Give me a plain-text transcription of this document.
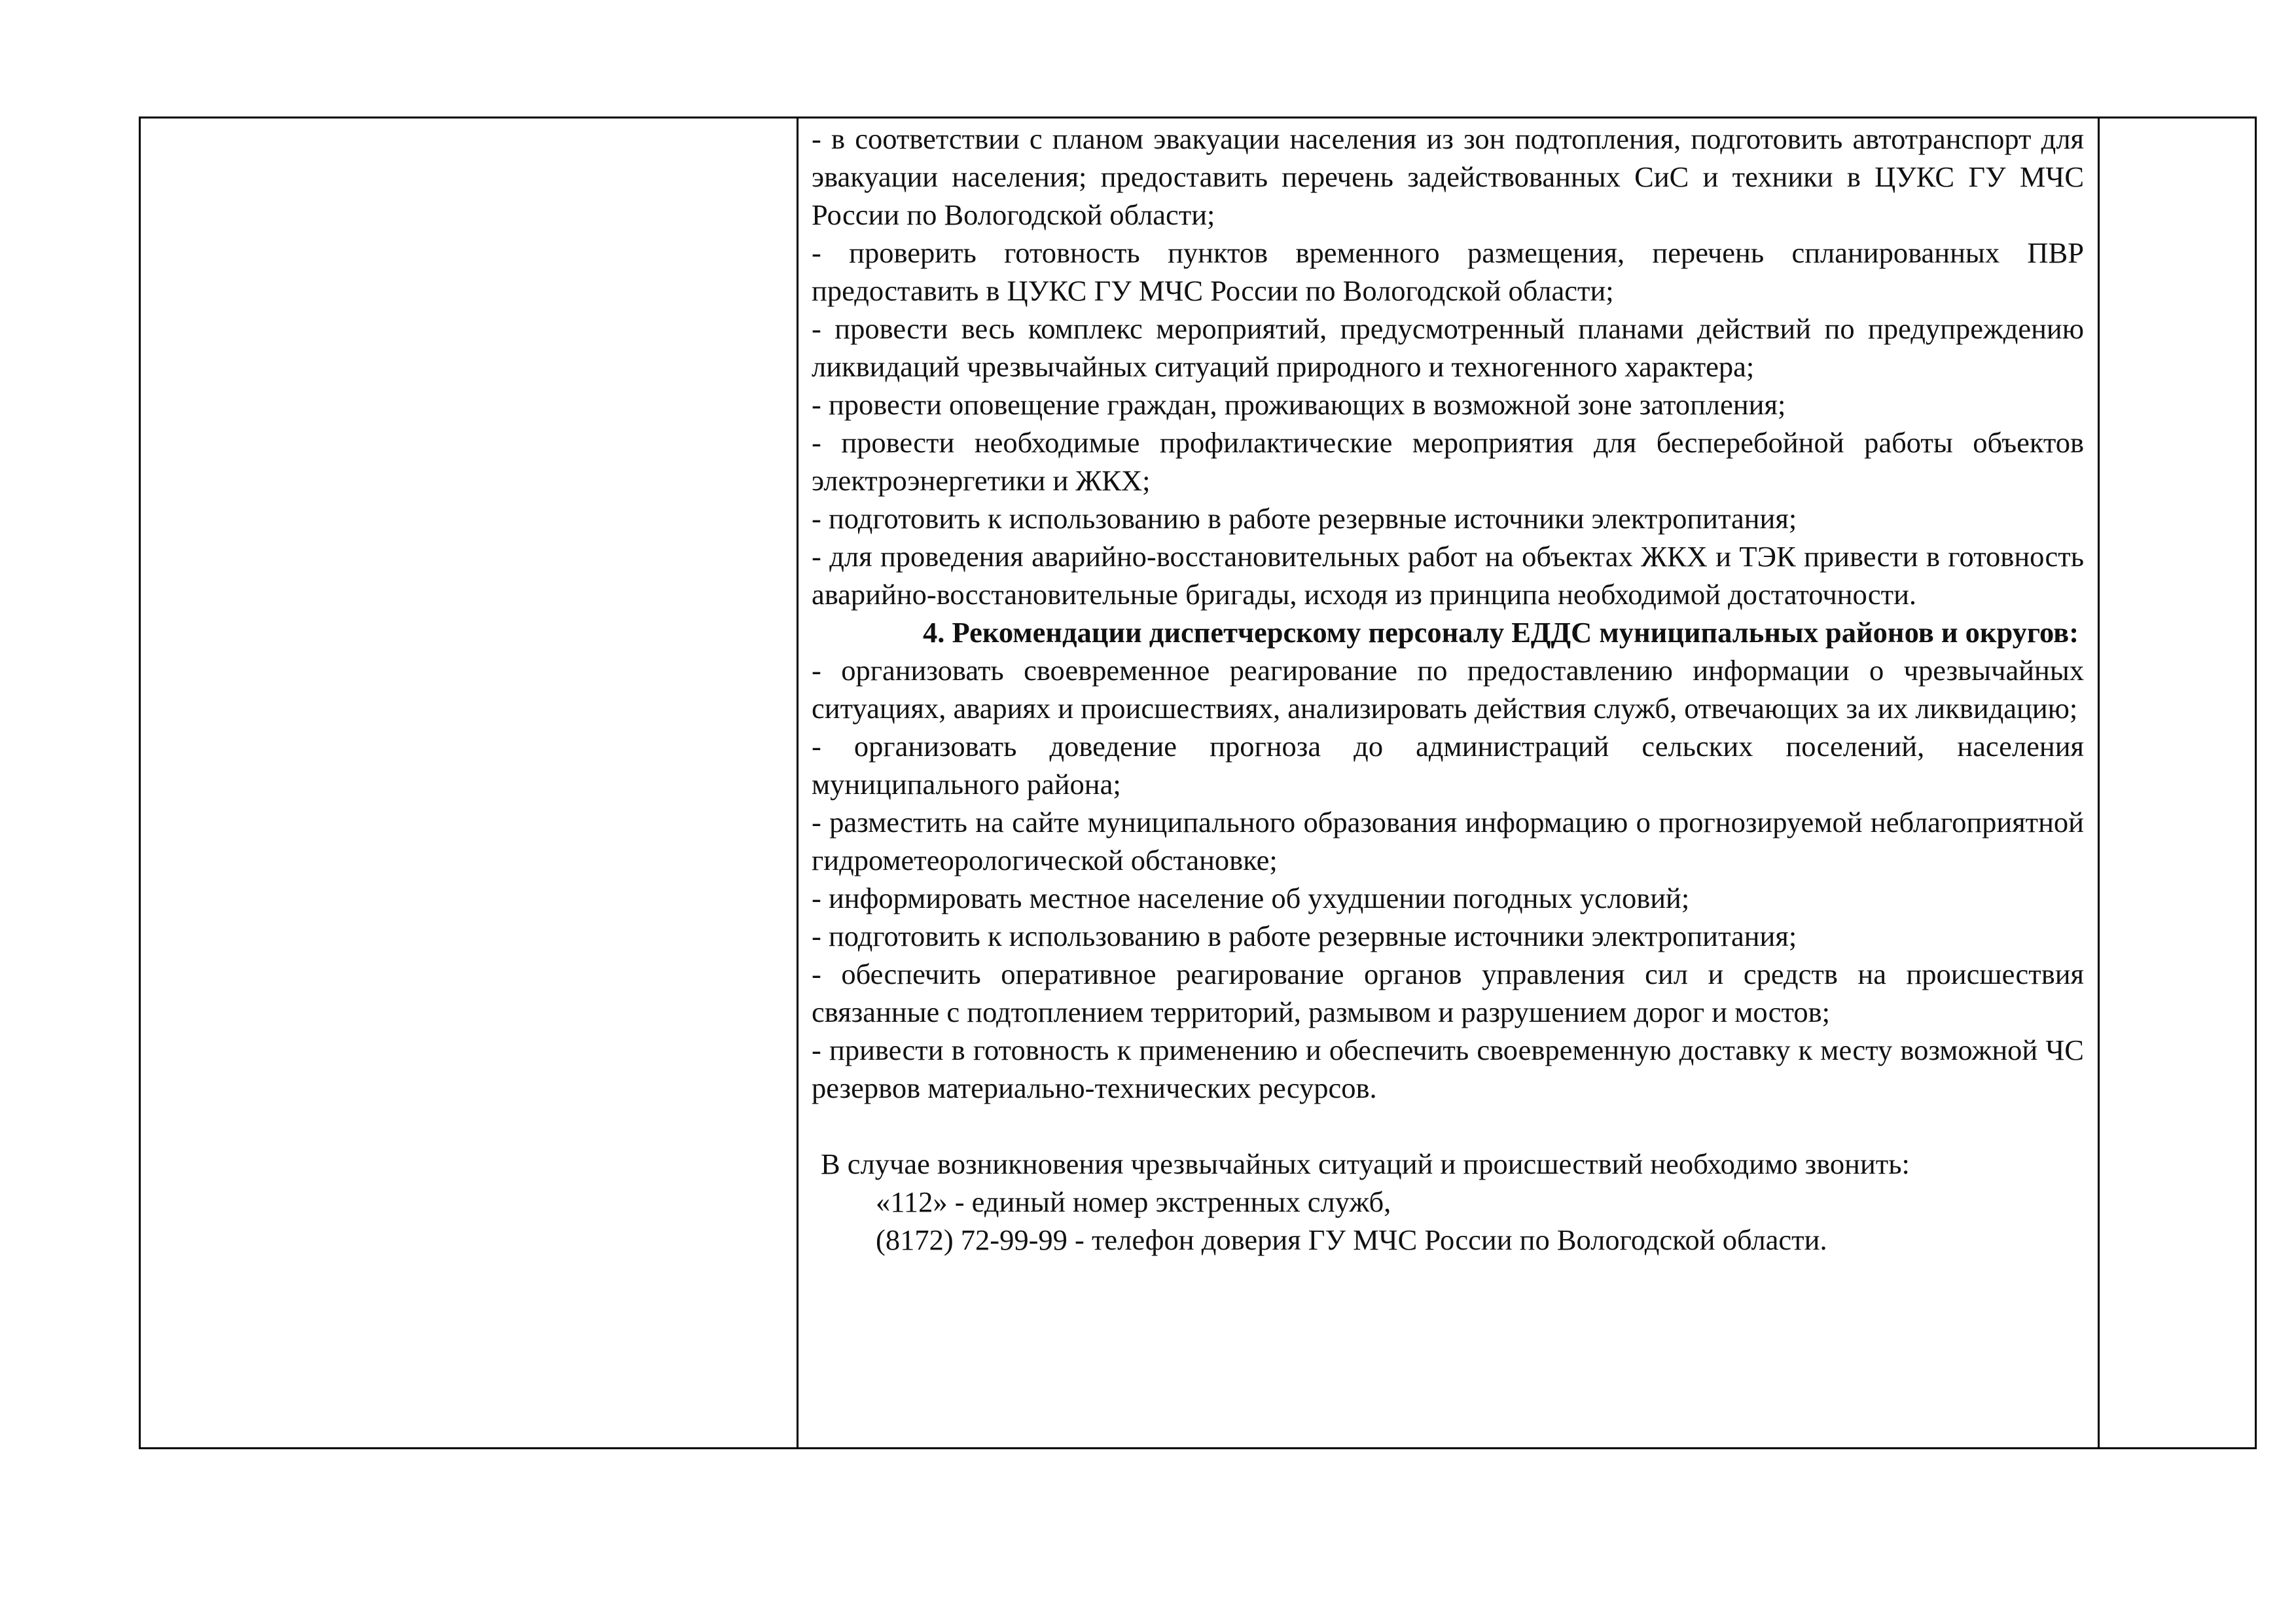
- в соответствии с планом эвакуации населения из зон подтопления, подготовить автотранспорт для эвакуации населения; предоставить перечень задействованных СиС и техники в ЦУКС ГУ МЧС России по Вологодской области;

- проверить готовность пунктов временного размещения, перечень спланированных ПВР предоставить в ЦУКС ГУ МЧС России по Вологодской области;

- провести весь комплекс мероприятий, предусмотренный планами действий по предупреждению ликвидаций чрезвычайных ситуаций природного и техногенного характера;

- провести оповещение граждан, проживающих в возможной зоне затопления;

- провести необходимые профилактические мероприятия для бесперебойной работы объектов электроэнергетики и ЖКХ;

- подготовить к использованию в работе резервные источники электропитания;

- для проведения аварийно-восстановительных работ на объектах ЖКХ и ТЭК привести в готовность аварийно-восстановительные бригады, исходя из принципа необходимой достаточности.

4. Рекомендации диспетчерскому персоналу ЕДДС муниципальных районов и округов:

- организовать своевременное реагирование по предоставлению информации о чрезвычайных ситуациях, авариях и происшествиях, анализировать действия служб, отвечающих за их ликвидацию;

- организовать доведение прогноза до администраций сельских поселений, населения муниципального района;

- разместить на сайте муниципального образования информацию о прогнозируемой неблагоприятной гидрометеорологической обстановке;

- информировать местное население об ухудшении погодных условий;

- подготовить к использованию в работе резервные источники электропитания;

- обеспечить оперативное реагирование органов управления сил и средств на происшествия связанные с подтоплением территорий, размывом и разрушением дорог и мостов;

- привести в готовность к применению и обеспечить своевременную доставку к месту возможной ЧС резервов материально-технических ресурсов.

В случае возникновения чрезвычайных ситуаций и происшествий необходимо звонить:

«112» - единый номер экстренных служб,

(8172) 72-99-99 - телефон доверия ГУ МЧС России по Вологодской области.
